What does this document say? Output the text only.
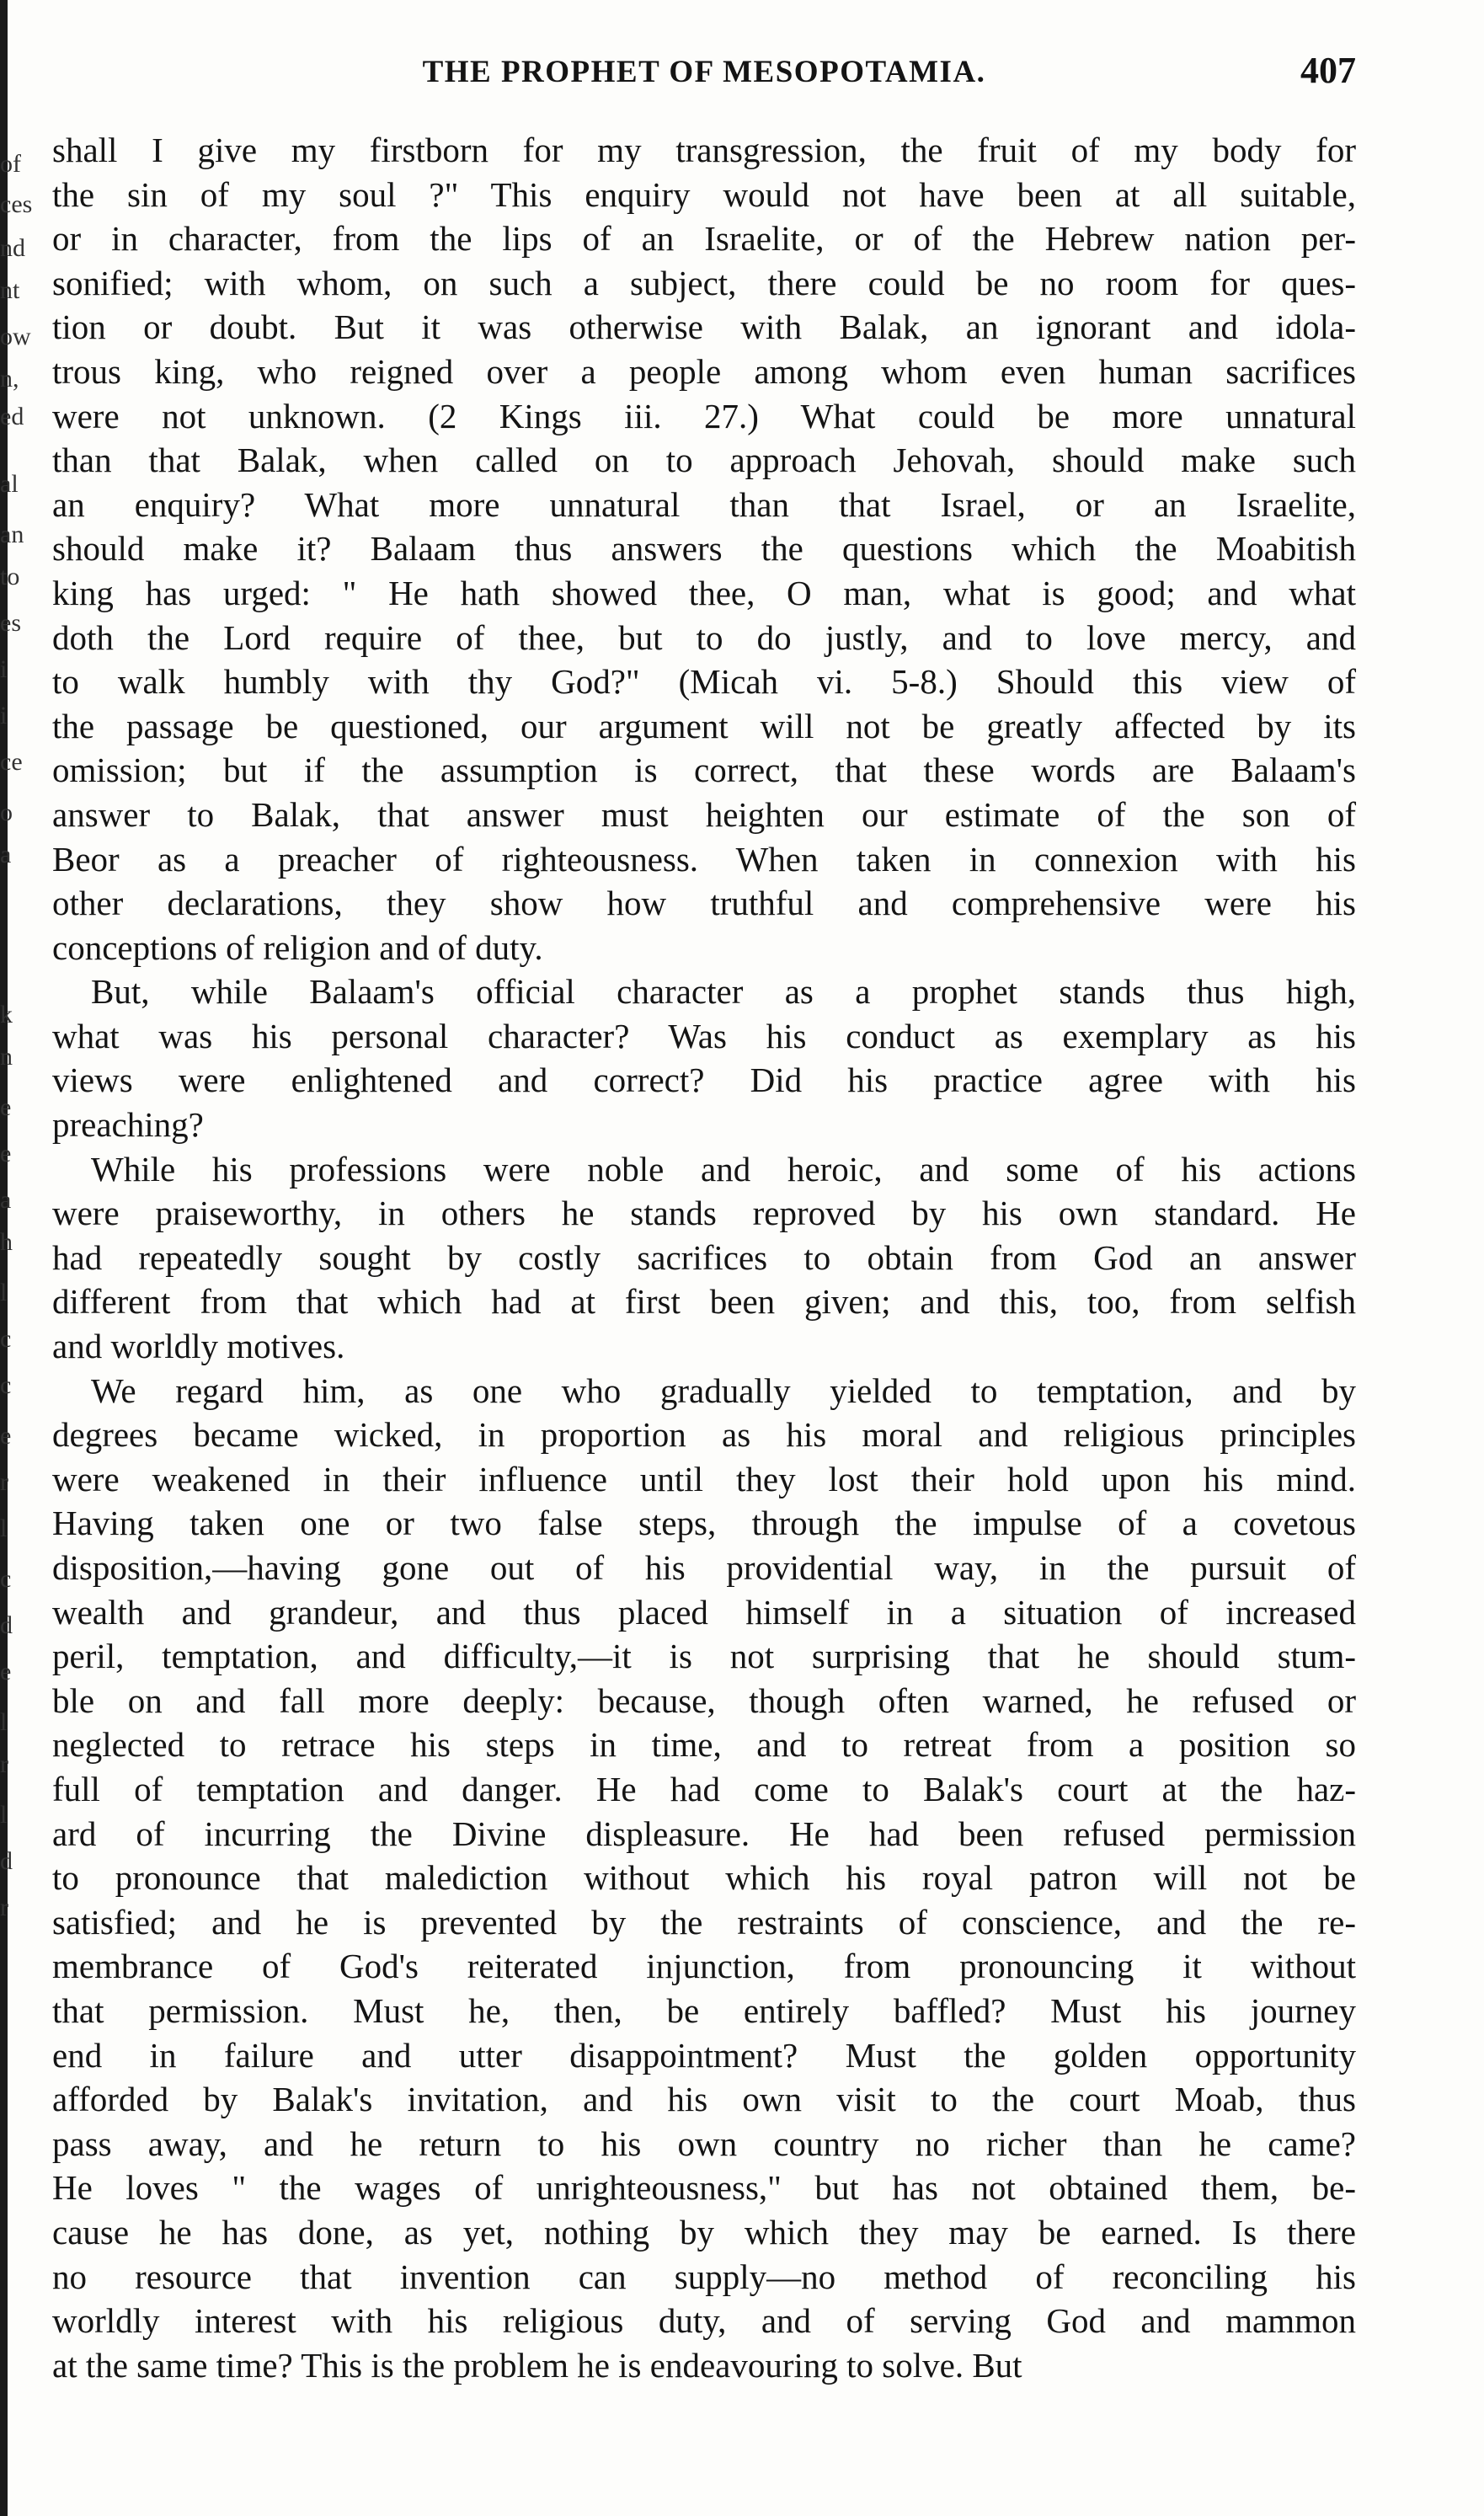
of
ces
nd
nt
ow
n,
ed
al
an
to
es
i
i
ce
o
a
k
n
e
e
a
h
l
c
c
e
r
l
c
d
e
l
r
l
d
r
THE PROPHET OF MESOPOTAMIA.	407
shall I give my firstborn for my transgression, the fruit of my body for
the sin of my soul ?" This enquiry would not have been at all suitable,
or in character, from the lips of an Israelite, or of the Hebrew nation per-
sonified; with whom, on such a subject, there could be no room for ques-
tion or doubt. But it was otherwise with Balak, an ignorant and idola-
trous king, who reigned over a people among whom even human sacrifices
were not unknown. (2 Kings iii. 27.) What could be more unnatural
than that Balak, when called on to approach Jehovah, should make such
an enquiry? What more unnatural than that Israel, or an Israelite,
should make it? Balaam thus answers the questions which the Moabitish
king has urged: " He hath showed thee, O man, what is good; and what
doth the Lord require of thee, but to do justly, and to love mercy, and
to walk humbly with thy God?" (Micah vi. 5-8.) Should this view of
the passage be questioned, our argument will not be greatly affected by its
omission; but if the assumption is correct, that these words are Balaam's
answer to Balak, that answer must heighten our estimate of the son of
Beor as a preacher of righteousness. When taken in connexion with his
other declarations, they show how truthful and comprehensive were his
conceptions of religion and of duty.
But, while Balaam's official character as a prophet stands thus high,
what was his personal character? Was his conduct as exemplary as his
views were enlightened and correct? Did his practice agree with his
preaching?
While his professions were noble and heroic, and some of his actions
were praiseworthy, in others he stands reproved by his own standard. He
had repeatedly sought by costly sacrifices to obtain from God an answer
different from that which had at first been given; and this, too, from selfish
and worldly motives.
We regard him, as one who gradually yielded to temptation, and by
degrees became wicked, in proportion as his moral and religious principles
were weakened in their influence until they lost their hold upon his mind.
Having taken one or two false steps, through the impulse of a covetous
disposition,—having gone out of his providential way, in the pursuit of
wealth and grandeur, and thus placed himself in a situation of increased
peril, temptation, and difficulty,—it is not surprising that he should stum-
ble on and fall more deeply: because, though often warned, he refused or
neglected to retrace his steps in time, and to retreat from a position so
full of temptation and danger. He had come to Balak's court at the haz-
ard of incurring the Divine displeasure. He had been refused permission
to pronounce that malediction without which his royal patron will not be
satisfied; and he is prevented by the restraints of conscience, and the re-
membrance of God's reiterated injunction, from pronouncing it without
that permission. Must he, then, be entirely baffled? Must his journey
end in failure and utter disappointment? Must the golden opportunity
afforded by Balak's invitation, and his own visit to the court Moab, thus
pass away, and he return to his own country no richer than he came?
He loves " the wages of unrighteousness," but has not obtained them, be-
cause he has done, as yet, nothing by which they may be earned. Is there
no resource that invention can supply—no method of reconciling his
worldly interest with his religious duty, and of serving God and mammon
at the same time? This is the problem he is endeavouring to solve. But
